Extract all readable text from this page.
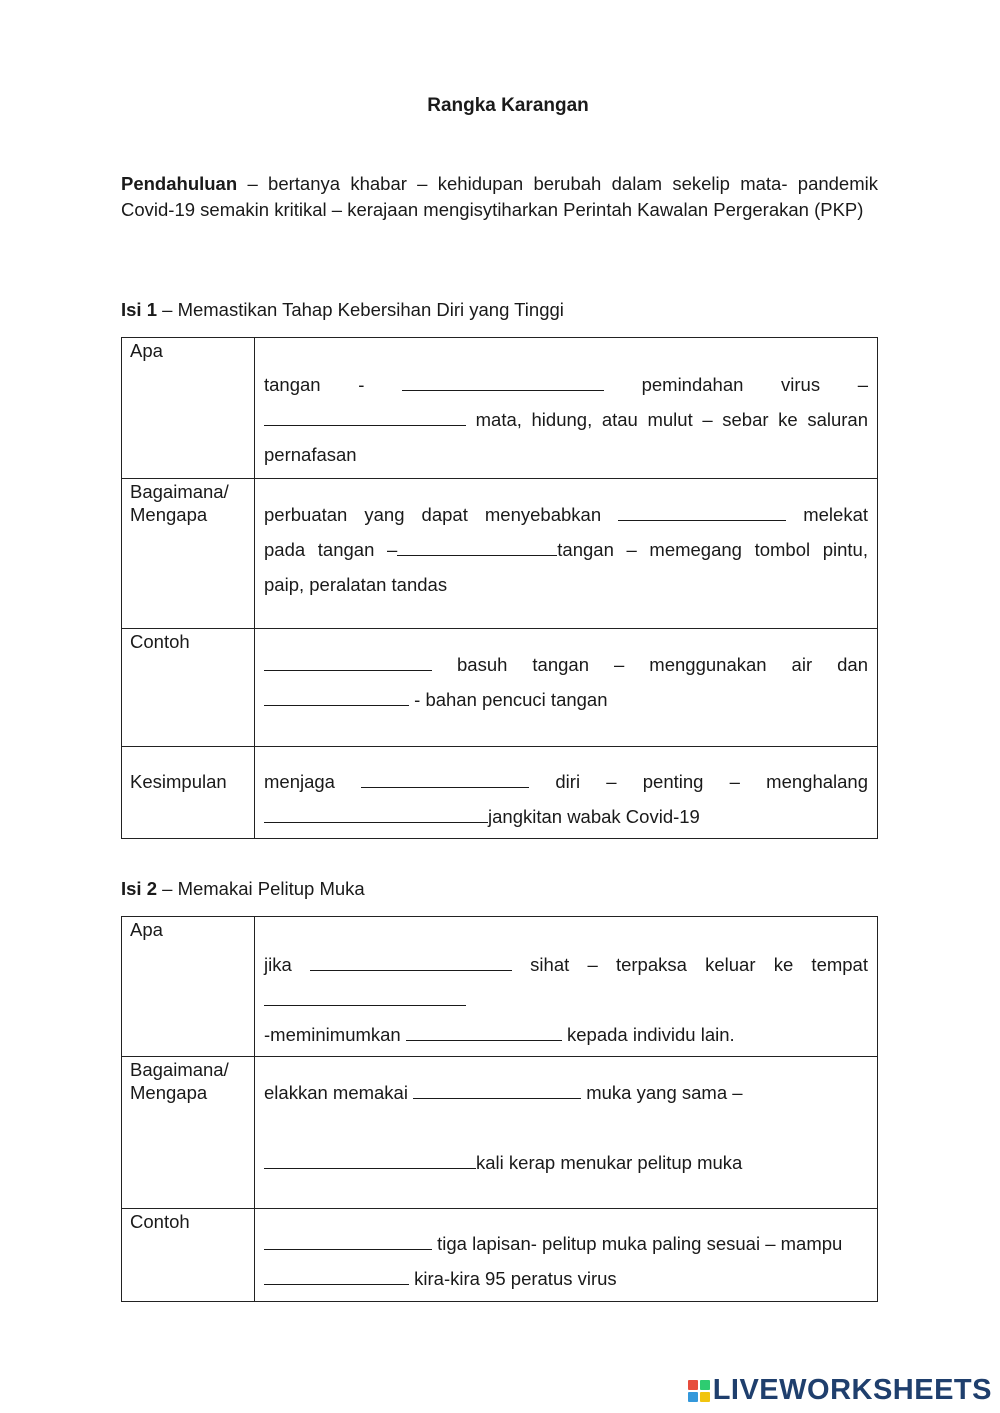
Rangka Karangan
Pendahuluan – bertanya khabar – kehidupan berubah dalam sekelip mata- pandemik Covid-19 semakin kritikal – kerajaan mengisytiharkan Perintah Kawalan Pergerakan (PKP)
Isi 1 – Memastikan Tahap Kebersihan Diri yang Tinggi
Apa	tangan - pemindahan virus –
mata, hidung, atau mulut – sebar ke saluran
pernafasan

Bagaimana/ Mengapa	perbuatan yang dapat menyebabkan melekat
pada tangan – tangan – memegang tombol pintu,
paip, peralatan tandas

Contoh	basuh tangan – menggunakan air dan
- bahan pencuci tangan

Kesimpulan	menjaga diri – penting – menghalang
jangkitan wabak Covid-19
Isi 2 – Memakai Pelitup Muka
Apa	jika sihat – terpaksa keluar ke tempat
-meminimumkan kepada individu lain.

Bagaimana/ Mengapa	elakkan memakai muka yang sama –
kali kerap menukar pelitup muka

Contoh	tiga lapisan- pelitup muka paling sesuai – mampu
kira-kira 95 peratus virus
LIVEWORKSHEETS
